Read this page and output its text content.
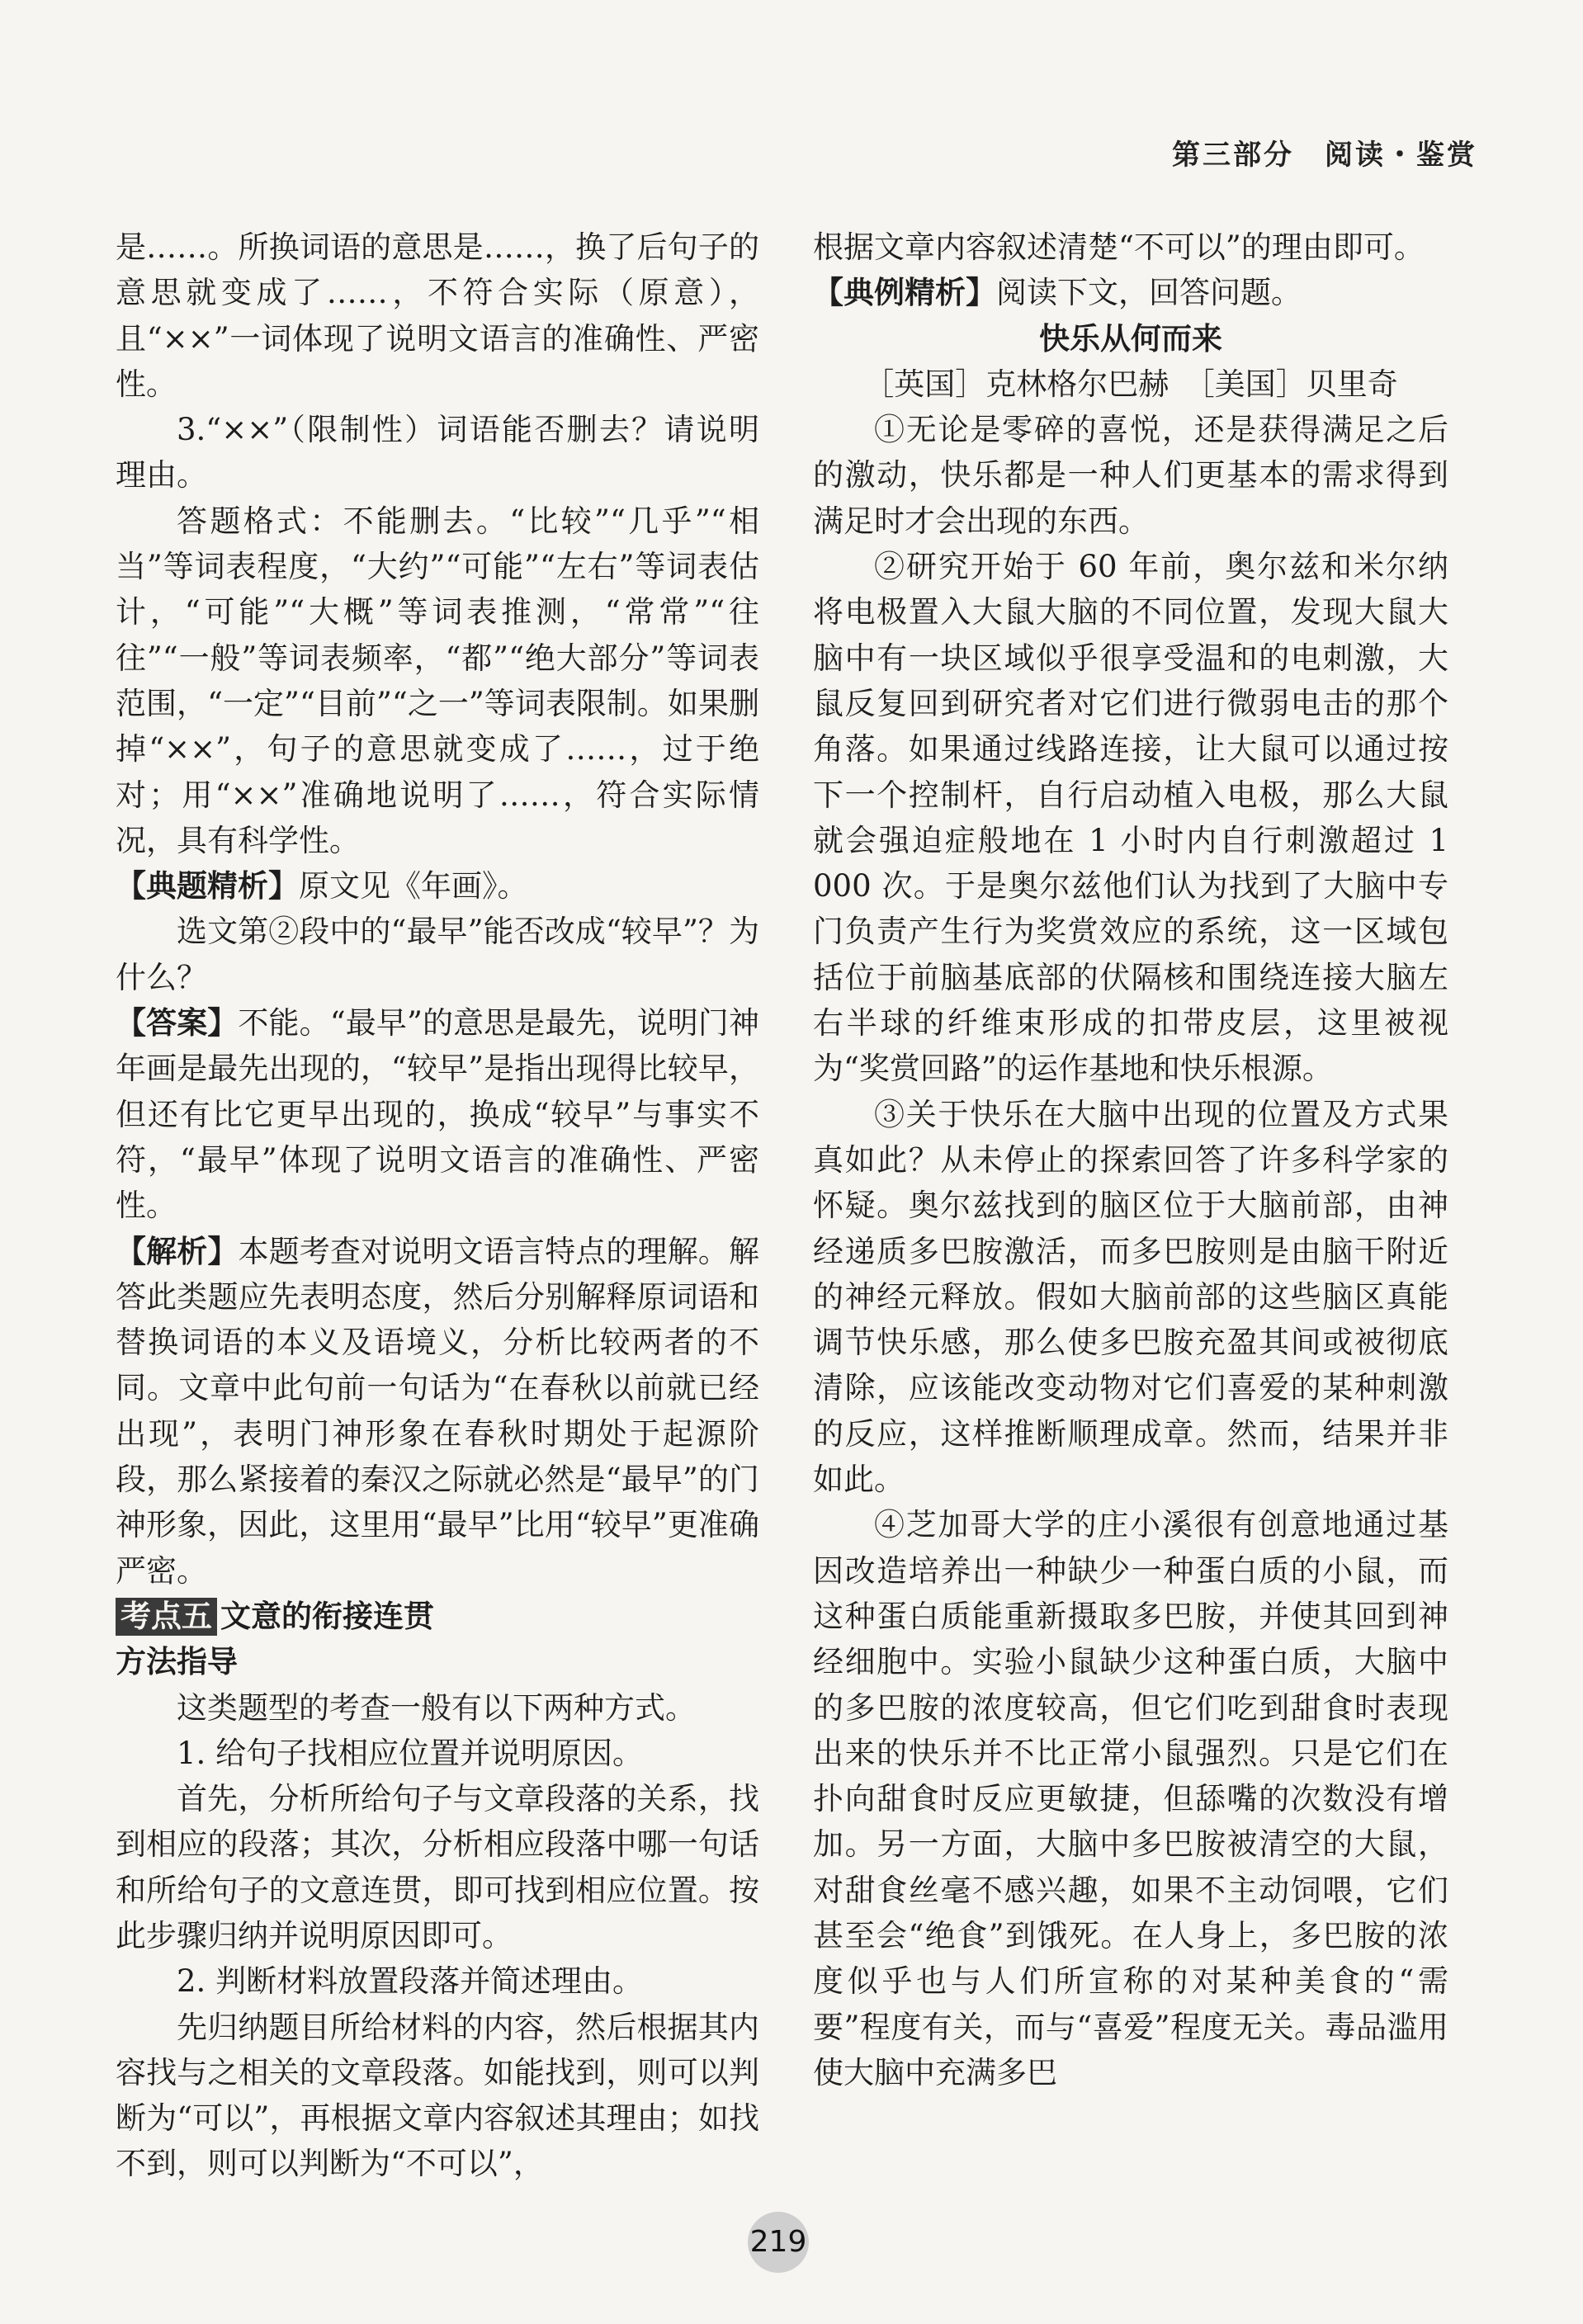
第三部分　阅读・鉴赏

是……。所换词语的意思是……，换了后句子的意思就变成了……，不符合实际（原意），且“××”一词体现了说明文语言的准确性、严密性。

3.“××”（限制性）词语能否删去？请说明理由。

答题格式：不能删去。“比较”“几乎”“相当”等词表程度，“大约”“可能”“左右”等词表估计，“可能”“大概”等词表推测，“常常”“往往”“一般”等词表频率，“都”“绝大部分”等词表范围，“一定”“目前”“之一”等词表限制。如果删掉“××”，句子的意思就变成了……，过于绝对；用“××”准确地说明了……，符合实际情况，具有科学性。

【典题精析】原文见《年画》。

选文第②段中的“最早”能否改成“较早”？为什么？

【答案】不能。“最早”的意思是最先，说明门神年画是最先出现的，“较早”是指出现得比较早，但还有比它更早出现的，换成“较早”与事实不符，“最早”体现了说明文语言的准确性、严密性。

【解析】本题考查对说明文语言特点的理解。解答此类题应先表明态度，然后分别解释原词语和替换词语的本义及语境义，分析比较两者的不同。文章中此句前一句话为“在春秋以前就已经出现”，表明门神形象在春秋时期处于起源阶段，那么紧接着的秦汉之际就必然是“最早”的门神形象，因此，这里用“最早”比用“较早”更准确严密。

考点五 文意的衔接连贯

方法指导

这类题型的考查一般有以下两种方式。

1. 给句子找相应位置并说明原因。

首先，分析所给句子与文章段落的关系，找到相应的段落；其次，分析相应段落中哪一句话和所给句子的文意连贯，即可找到相应位置。按此步骤归纳并说明原因即可。

2. 判断材料放置段落并简述理由。

先归纳题目所给材料的内容，然后根据其内容找与之相关的文章段落。如能找到，则可以判断为“可以”，再根据文章内容叙述其理由；如找不到，则可以判断为“不可以”，

根据文章内容叙述清楚“不可以”的理由即可。

【典例精析】阅读下文，回答问题。

快乐从何而来

［英国］克林格尔巴赫　［美国］贝里奇

①无论是零碎的喜悦，还是获得满足之后的激动，快乐都是一种人们更基本的需求得到满足时才会出现的东西。

②研究开始于 60 年前，奥尔兹和米尔纳将电极置入大鼠大脑的不同位置，发现大鼠大脑中有一块区域似乎很享受温和的电刺激，大鼠反复回到研究者对它们进行微弱电击的那个角落。如果通过线路连接，让大鼠可以通过按下一个控制杆，自行启动植入电极，那么大鼠就会强迫症般地在 1 小时内自行刺激超过 1 000 次。于是奥尔兹他们认为找到了大脑中专门负责产生行为奖赏效应的系统，这一区域包括位于前脑基底部的伏隔核和围绕连接大脑左右半球的纤维束形成的扣带皮层，这里被视为“奖赏回路”的运作基地和快乐根源。

③关于快乐在大脑中出现的位置及方式果真如此？从未停止的探索回答了许多科学家的怀疑。奥尔兹找到的脑区位于大脑前部，由神经递质多巴胺激活，而多巴胺则是由脑干附近的神经元释放。假如大脑前部的这些脑区真能调节快乐感，那么使多巴胺充盈其间或被彻底清除，应该能改变动物对它们喜爱的某种刺激的反应，这样推断顺理成章。然而，结果并非如此。

④芝加哥大学的庄小溪很有创意地通过基因改造培养出一种缺少一种蛋白质的小鼠，而这种蛋白质能重新摄取多巴胺，并使其回到神经细胞中。实验小鼠缺少这种蛋白质，大脑中的多巴胺的浓度较高，但它们吃到甜食时表现出来的快乐并不比正常小鼠强烈。只是它们在扑向甜食时反应更敏捷，但舔嘴的次数没有增加。另一方面，大脑中多巴胺被清空的大鼠，对甜食丝毫不感兴趣，如果不主动饲喂，它们甚至会“绝食”到饿死。在人身上，多巴胺的浓度似乎也与人们所宣称的对某种美食的“需要”程度有关，而与“喜爱”程度无关。毒品滥用使大脑中充满多巴

219
